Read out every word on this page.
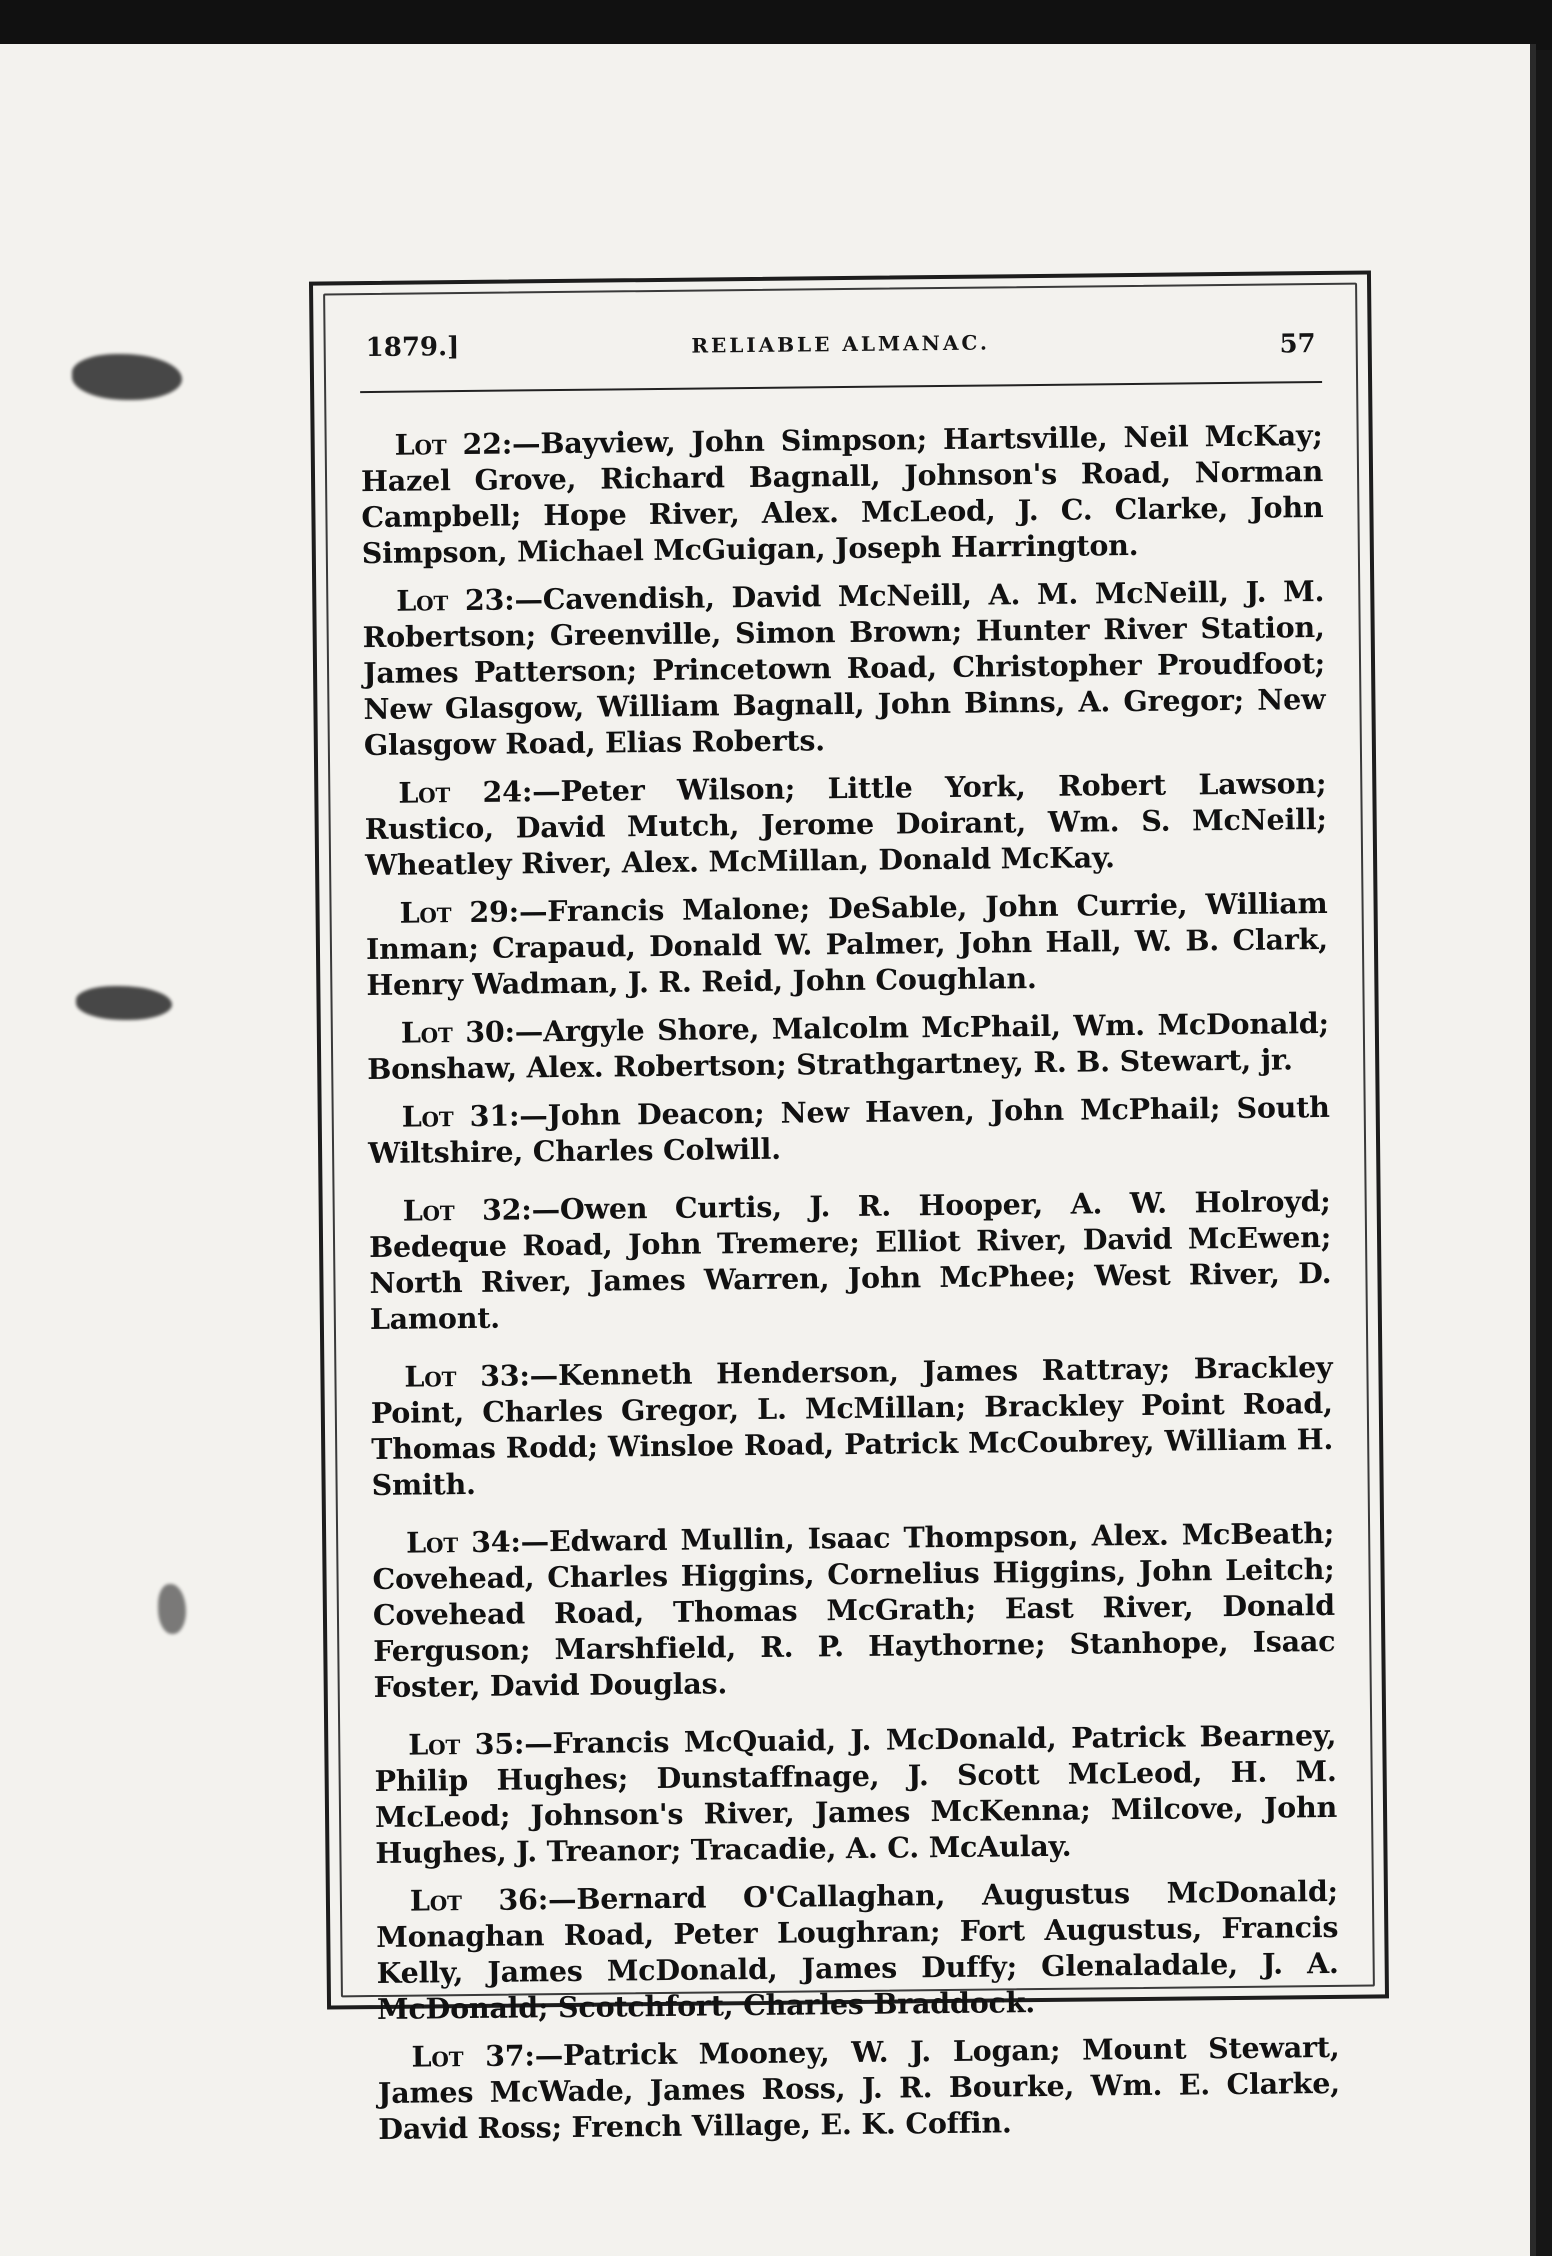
1879.]	RELIABLE ALMANAC.	57

Lot 22:—Bayview, John Simpson; Hartsville, Neil McKay; Hazel Grove, Richard Bagnall, Johnson's Road, Norman Campbell; Hope River, Alex. McLeod, J. C. Clarke, John Simpson, Michael McGuigan, Joseph Harrington.

Lot 23:—Cavendish, David McNeill, A. M. McNeill, J. M. Robertson; Greenville, Simon Brown; Hunter River Station, James Patterson; Princetown Road, Christopher Proudfoot; New Glasgow, William Bagnall, John Binns, A. Gregor; New Glasgow Road, Elias Roberts.

Lot 24:—Peter Wilson; Little York, Robert Lawson; Rustico, David Mutch, Jerome Doirant, Wm. S. McNeill; Wheatley River, Alex. McMillan, Donald McKay.

Lot 29:—Francis Malone; DeSable, John Currie, William Inman; Crapaud, Donald W. Palmer, John Hall, W. B. Clark, Henry Wadman, J. R. Reid, John Coughlan.

Lot 30:—Argyle Shore, Malcolm McPhail, Wm. McDonald; Bonshaw, Alex. Robertson; Strathgartney, R. B. Stewart, jr.

Lot 31:—John Deacon; New Haven, John McPhail; South Wiltshire, Charles Colwill.

Lot 32:—Owen Curtis, J. R. Hooper, A. W. Holroyd; Bedeque Road, John Tremere; Elliot River, David McEwen; North River, James Warren, John McPhee; West River, D. Lamont.

Lot 33:—Kenneth Henderson, James Rattray; Brackley Point, Charles Gregor, L. McMillan; Brackley Point Road, Thomas Rodd; Winsloe Road, Patrick McCoubrey, William H. Smith.

Lot 34:—Edward Mullin, Isaac Thompson, Alex. McBeath; Covehead, Charles Higgins, Cornelius Higgins, John Leitch; Covehead Road, Thomas McGrath; East River, Donald Ferguson; Marshfield, R. P. Haythorne; Stanhope, Isaac Foster, David Douglas.

Lot 35:—Francis McQuaid, J. McDonald, Patrick Bearney, Philip Hughes; Dunstaffnage, J. Scott McLeod, H. M. McLeod; Johnson's River, James McKenna; Milcove, John Hughes, J. Treanor; Tracadie, A. C. McAulay.

Lot 36:—Bernard O'Callaghan, Augustus McDonald; Monaghan Road, Peter Loughran; Fort Augustus, Francis Kelly, James McDonald, James Duffy; Glenaladale, J. A. McDonald; Scotchfort, Charles Braddock.

Lot 37:—Patrick Mooney, W. J. Logan; Mount Stewart, James McWade, James Ross, J. R. Bourke, Wm. E. Clarke, David Ross; French Village, E. K. Coffin.
